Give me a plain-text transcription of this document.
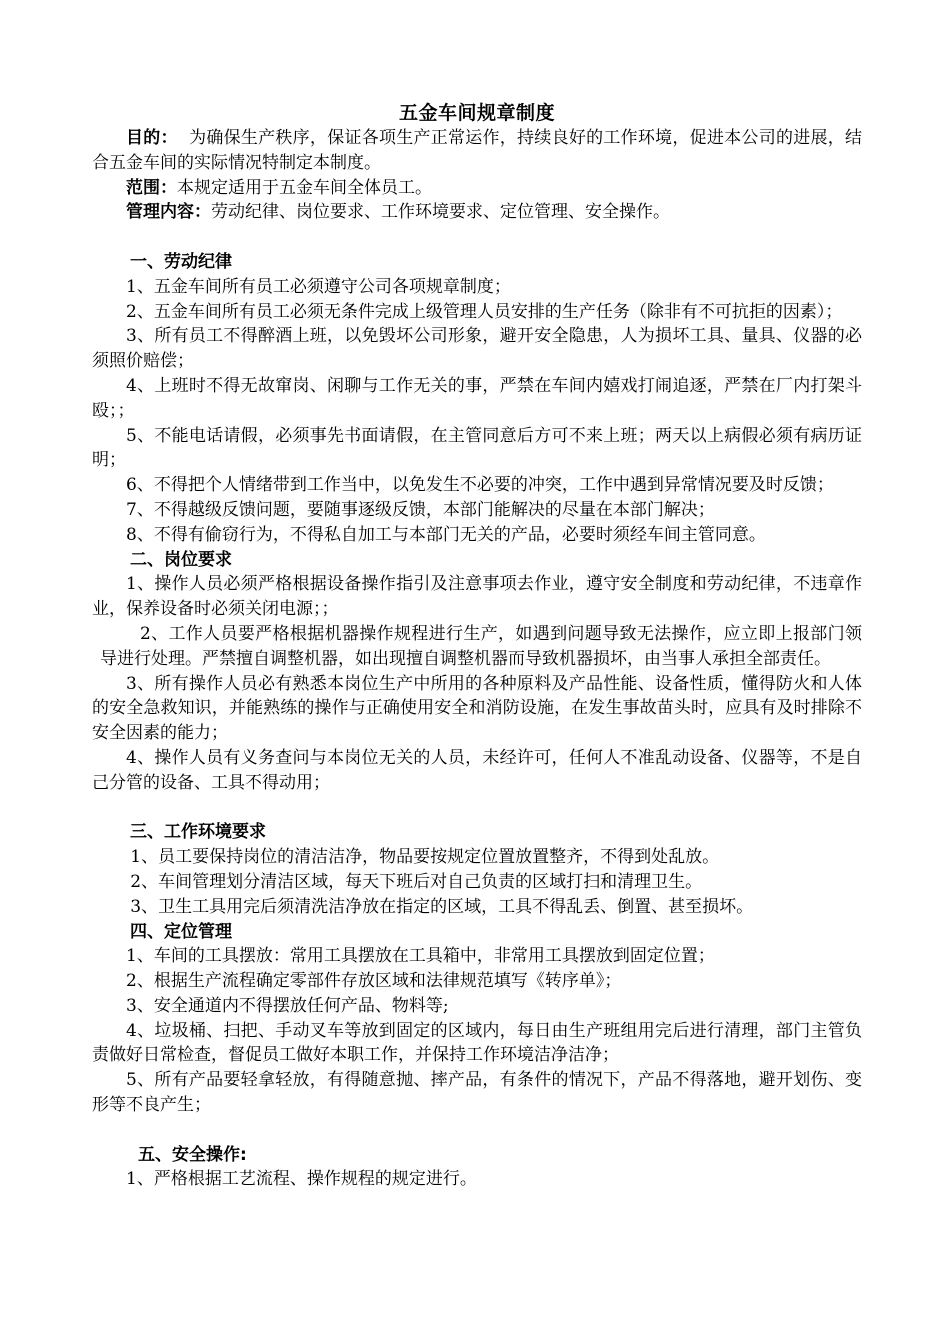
五金车间规章制度

目的： 为确保生产秩序，保证各项生产正常运作，持续良好的工作环境，促进本公司的进展，结合五金车间的实际情况特制定本制度。

范围：本规定适用于五金车间全体员工。

管理内容：劳动纪律、岗位要求、工作环境要求、定位管理、安全操作。

一、劳动纪律

1、五金车间所有员工必须遵守公司各项规章制度；

2、五金车间所有员工必须无条件完成上级管理人员安排的生产任务（除非有不可抗拒的因素）；

3、所有员工不得醉酒上班，以免毁坏公司形象，避开安全隐患，人为损坏工具、量具、仪器的必须照价赔偿；

4、上班时不得无故窜岗、闲聊与工作无关的事，严禁在车间内嬉戏打闹追逐，严禁在厂内打架斗殴；；

5、不能电话请假，必须事先书面请假，在主管同意后方可不来上班；两天以上病假必须有病历证明；

6、不得把个人情绪带到工作当中，以免发生不必要的冲突，工作中遇到异常情况要及时反馈；

7、不得越级反馈问题，要随事逐级反馈，本部门能解决的尽量在本部门解决；

8、不得有偷窃行为，不得私自加工与本部门无关的产品，必要时须经车间主管同意。

二、岗位要求

1、操作人员必须严格根据设备操作指引及注意事项去作业，遵守安全制度和劳动纪律，不违章作业，保养设备时必须关闭电源；；

2、工作人员要严格根据机器操作规程进行生产，如遇到问题导致无法操作，应立即上报部门领导进行处理。严禁擅自调整机器，如出现擅自调整机器而导致机器损坏，由当事人承担全部责任。

3、所有操作人员必有熟悉本岗位生产中所用的各种原料及产品性能、设备性质，懂得防火和人体的安全急救知识，并能熟练的操作与正确使用安全和消防设施，在发生事故苗头时，应具有及时排除不安全因素的能力；

4、操作人员有义务查问与本岗位无关的人员，未经许可，任何人不准乱动设备、仪器等，不是自己分管的设备、工具不得动用；

三、工作环境要求

1、员工要保持岗位的清洁洁净，物品要按规定位置放置整齐，不得到处乱放。

2、车间管理划分清洁区域，每天下班后对自己负责的区域打扫和清理卫生。

3、卫生工具用完后须清洗洁净放在指定的区域，工具不得乱丢、倒置、甚至损坏。

四、定位管理

1、车间的工具摆放：常用工具摆放在工具箱中，非常用工具摆放到固定位置；

2、根据生产流程确定零部件存放区域和法律规范填写《转序单》；

3、安全通道内不得摆放任何产品、物料等;

4、垃圾桶、扫把、手动叉车等放到固定的区域内，每日由生产班组用完后进行清理，部门主管负责做好日常检查，督促员工做好本职工作，并保持工作环境洁净洁净；

5、所有产品要轻拿轻放，有得随意抛、摔产品，有条件的情况下，产品不得落地，避开划伤、变形等不良产生；

五、安全操作:

1、严格根据工艺流程、操作规程的规定进行。
